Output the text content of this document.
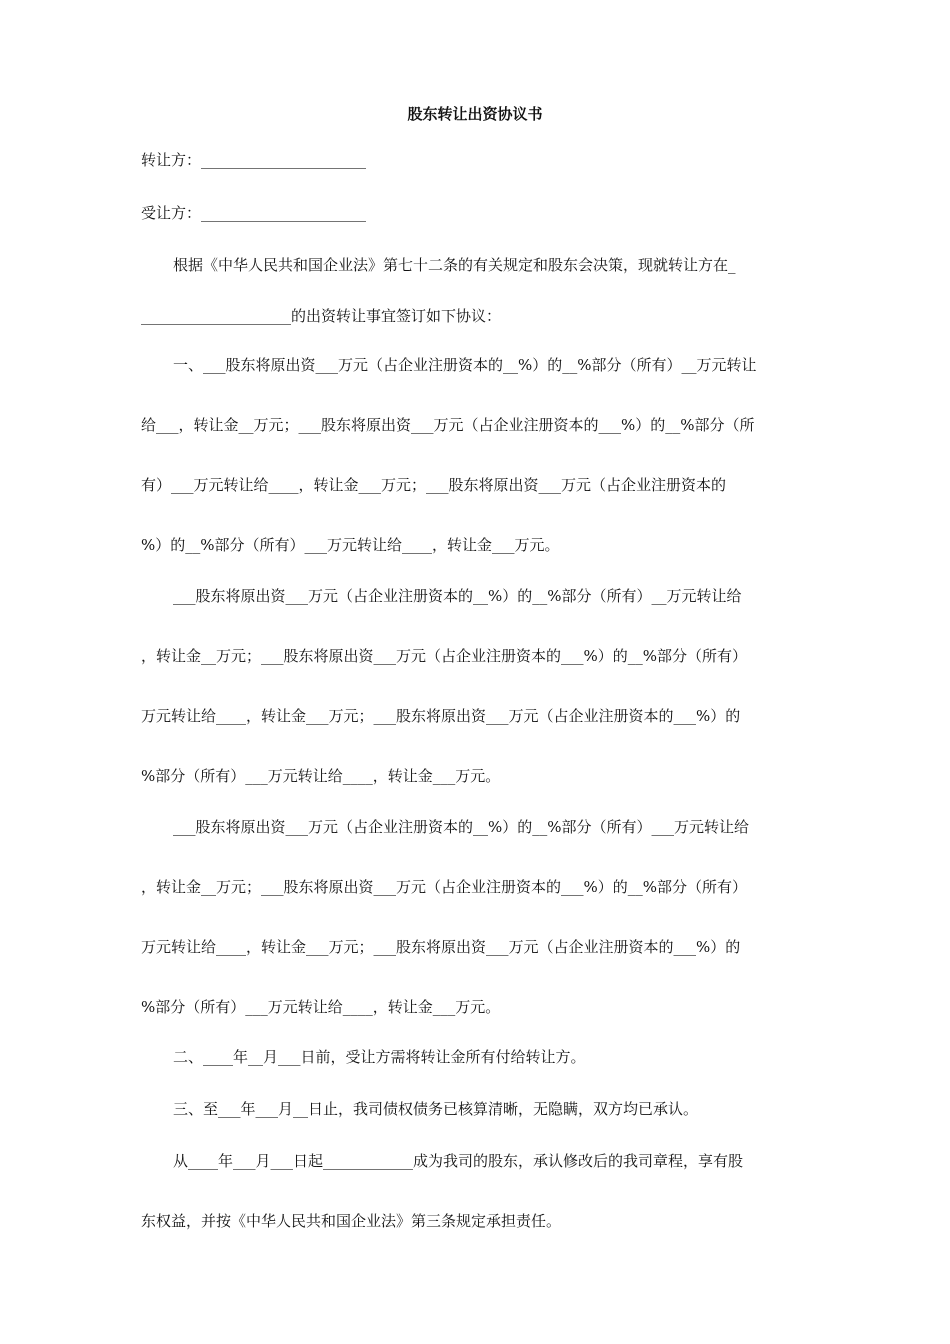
股东转让出资协议书
转让方：______________________
受让方：______________________
根据《中华人民共和国企业法》第七十二条的有关规定和股东会决策，现就转让方在_
____________________的出资转让事宜签订如下协议：
一、___股东将原出资___万元（占企业注册资本的__%）的__%部分（所有）__万元转让
给___，转让金__万元；___股东将原出资___万元（占企业注册资本的___%）的__%部分（所
有）___万元转让给____，转让金___万元；___股东将原出资___万元（占企业注册资本的
%）的__%部分（所有）___万元转让给____，转让金___万元。
___股东将原出资___万元（占企业注册资本的__%）的__%部分（所有）__万元转让给
，转让金__万元；___股东将原出资___万元（占企业注册资本的___%）的__%部分（所有）
万元转让给____，转让金___万元；___股东将原出资___万元（占企业注册资本的___%）的
%部分（所有）___万元转让给____，转让金___万元。
___股东将原出资___万元（占企业注册资本的__%）的__%部分（所有）___万元转让给
，转让金__万元；___股东将原出资___万元（占企业注册资本的___%）的__%部分（所有）
万元转让给____，转让金___万元；___股东将原出资___万元（占企业注册资本的___%）的
%部分（所有）___万元转让给____，转让金___万元。
二、____年__月___日前，受让方需将转让金所有付给转让方。
三、至___年___月__日止，我司债权债务已核算清晰，无隐瞒，双方均已承认。
从____年___月___日起____________成为我司的股东，承认修改后的我司章程，享有股
东权益，并按《中华人民共和国企业法》第三条规定承担责任。
